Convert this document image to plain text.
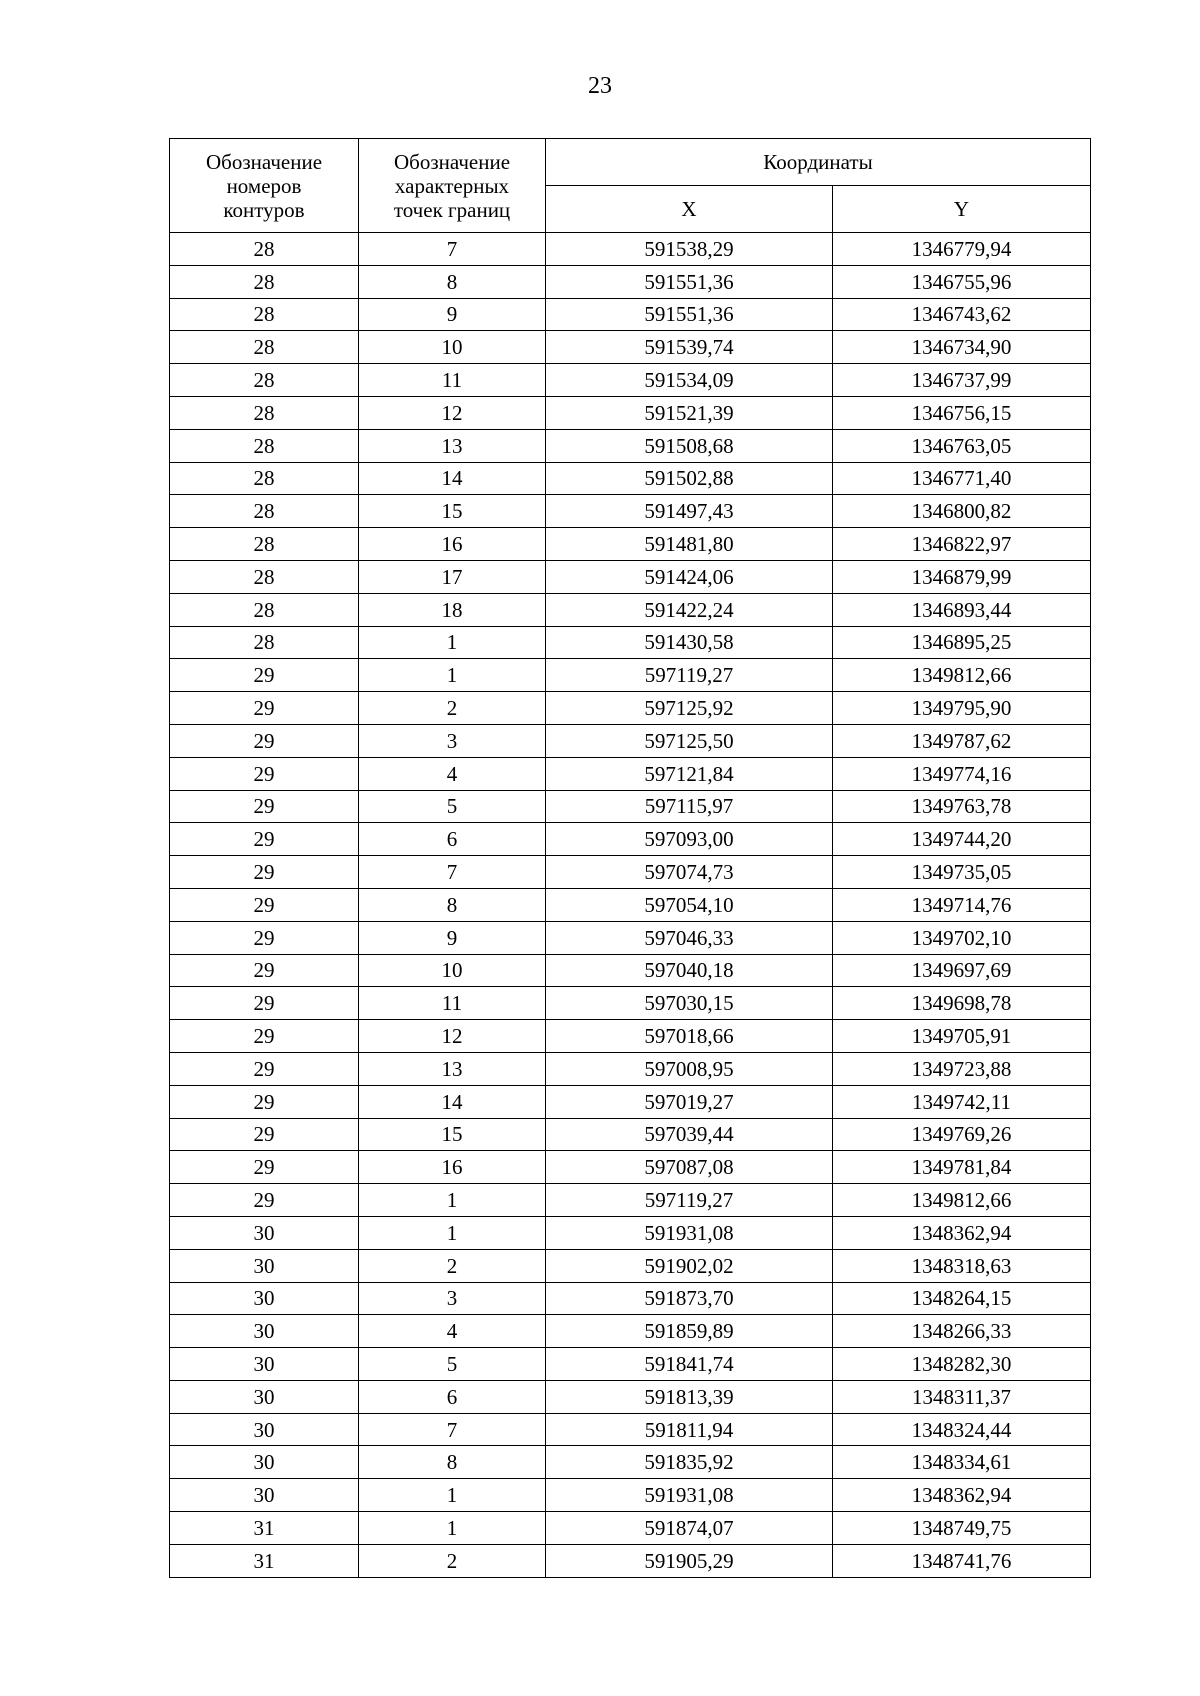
23
Обозначение
номеров
контуров	Обозначение
характерных
точек границ	Координаты	
		X	Y
28	7	591538,29	1346779,94
28	8	591551,36	1346755,96
28	9	591551,36	1346743,62
28	10	591539,74	1346734,90
28	11	591534,09	1346737,99
28	12	591521,39	1346756,15
28	13	591508,68	1346763,05
28	14	591502,88	1346771,40
28	15	591497,43	1346800,82
28	16	591481,80	1346822,97
28	17	591424,06	1346879,99
28	18	591422,24	1346893,44
28	1	591430,58	1346895,25
29	1	597119,27	1349812,66
29	2	597125,92	1349795,90
29	3	597125,50	1349787,62
29	4	597121,84	1349774,16
29	5	597115,97	1349763,78
29	6	597093,00	1349744,20
29	7	597074,73	1349735,05
29	8	597054,10	1349714,76
29	9	597046,33	1349702,10
29	10	597040,18	1349697,69
29	11	597030,15	1349698,78
29	12	597018,66	1349705,91
29	13	597008,95	1349723,88
29	14	597019,27	1349742,11
29	15	597039,44	1349769,26
29	16	597087,08	1349781,84
29	1	597119,27	1349812,66
30	1	591931,08	1348362,94
30	2	591902,02	1348318,63
30	3	591873,70	1348264,15
30	4	591859,89	1348266,33
30	5	591841,74	1348282,30
30	6	591813,39	1348311,37
30	7	591811,94	1348324,44
30	8	591835,92	1348334,61
30	1	591931,08	1348362,94
31	1	591874,07	1348749,75
31	2	591905,29	1348741,76
